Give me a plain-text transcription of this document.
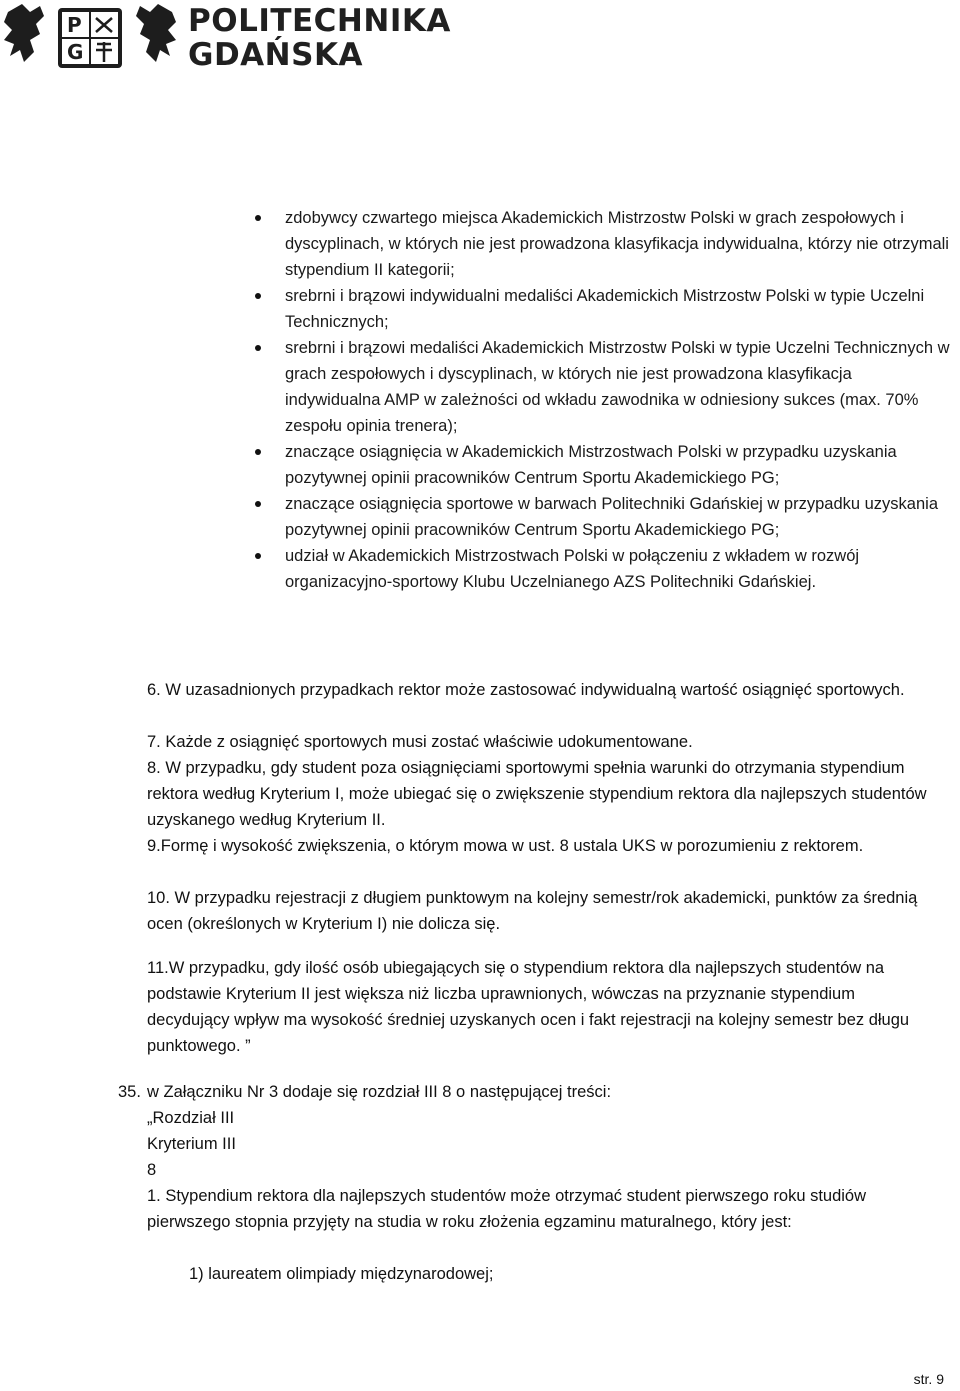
P
G
POLITECHNIKA
GDAŃSKA
zdobywcy czwartego miejsca Akademickich Mistrzostw Polski w grach zespołowych i dyscyplinach, w których nie jest prowadzona klasyfikacja indywidualna, którzy nie otrzymali stypendium II kategorii;
srebrni i brązowi indywidualni medaliści Akademickich Mistrzostw Polski w typie Uczelni Technicznych;
srebrni i brązowi medaliści Akademickich Mistrzostw Polski w typie Uczelni Technicznych w grach zespołowych i dyscyplinach, w których nie jest prowadzona klasyfikacja indywidualna AMP w zależności od wkładu zawodnika w odniesiony sukces (max. 70% zespołu opinia trenera);
znaczące osiągnięcia w Akademickich Mistrzostwach Polski w przypadku uzyskania pozytywnej opinii pracowników Centrum Sportu Akademickiego PG;
znaczące osiągnięcia sportowe w barwach Politechniki Gdańskiej w przypadku uzyskania pozytywnej opinii pracowników Centrum Sportu Akademickiego PG;
udział w Akademickich Mistrzostwach Polski w połączeniu z wkładem w rozwój organizacyjno-sportowy Klubu Uczelnianego AZS Politechniki Gdańskiej.
6. W uzasadnionych przypadkach rektor może zastosować indywidualną wartość osiągnięć sportowych.
7. Każde z osiągnięć sportowych musi zostać właściwie udokumentowane.
8. W przypadku, gdy student poza osiągnięciami sportowymi spełnia warunki do otrzymania stypendium rektora według Kryterium I, może ubiegać się o zwiększenie stypendium rektora dla najlepszych studentów uzyskanego według Kryterium II.
9.Formę i wysokość zwiększenia, o którym mowa w ust. 8 ustala UKS w porozumieniu z rektorem.
10. W przypadku rejestracji z długiem punktowym na kolejny semestr/rok akademicki, punktów za średnią ocen (określonych w Kryterium I) nie dolicza się.
11.W przypadku, gdy ilość osób ubiegających się o stypendium rektora dla najlepszych studentów na podstawie Kryterium II jest większa niż liczba uprawnionych, wówczas na przyznanie stypendium decydujący wpływ ma wysokość średniej uzyskanych ocen i fakt rejestracji na kolejny semestr bez długu punktowego. ”
35. w Załączniku Nr 3 dodaje się rozdział III 8 o następującej treści:
„Rozdział III
Kryterium III
8
1. Stypendium rektora dla najlepszych studentów może otrzymać student pierwszego roku studiów pierwszego stopnia przyjęty na studia w roku złożenia egzaminu maturalnego, który jest:
1) laureatem olimpiady międzynarodowej;
str. 9
